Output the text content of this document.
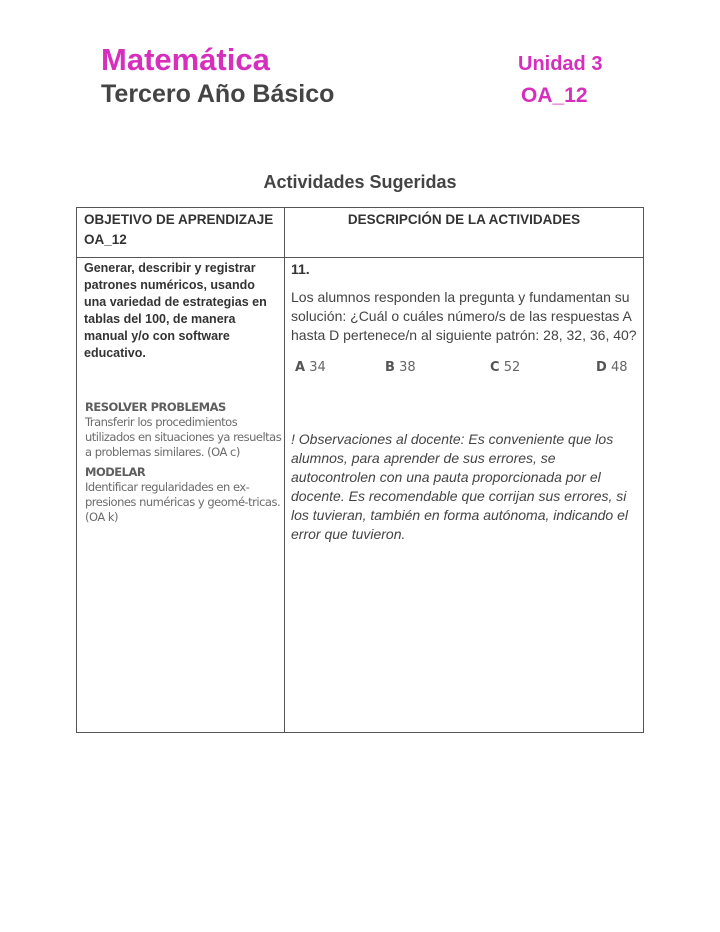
Matemática
Tercero Año Básico
Unidad 3
OA_12
Actividades Sugeridas
OBJETIVO DE APRENDIZAJE OA_12	DESCRIPCIÓN DE LA ACTIVIDADES

Generar, describir y registrar patrones numéricos, usando una variedad de estrategias en tablas del 100, de manera manual y/o con software educativo.
RESOLVER PROBLEMAS
Transferir los procedimientos utilizados en situaciones ya resueltas a problemas similares. (OA c)
MODELAR
Identificar regularidades en ex-presiones numéricas y geomé-tricas. (OA k)

11.
Los alumnos responden la pregunta y fundamentan su solución: ¿Cuál o cuáles número/s de las respuestas A hasta D pertenece/n al siguiente patrón: 28, 32, 36, 40?
A 34	B 38	C 52	D 48
! Observaciones al docente: Es conveniente que los alumnos, para aprender de sus errores, se autocontrolen con una pauta proporcionada por el docente. Es recomendable que corrijan sus errores, si los tuvieran, también en forma autónoma, indicando el error que tuvieron.
